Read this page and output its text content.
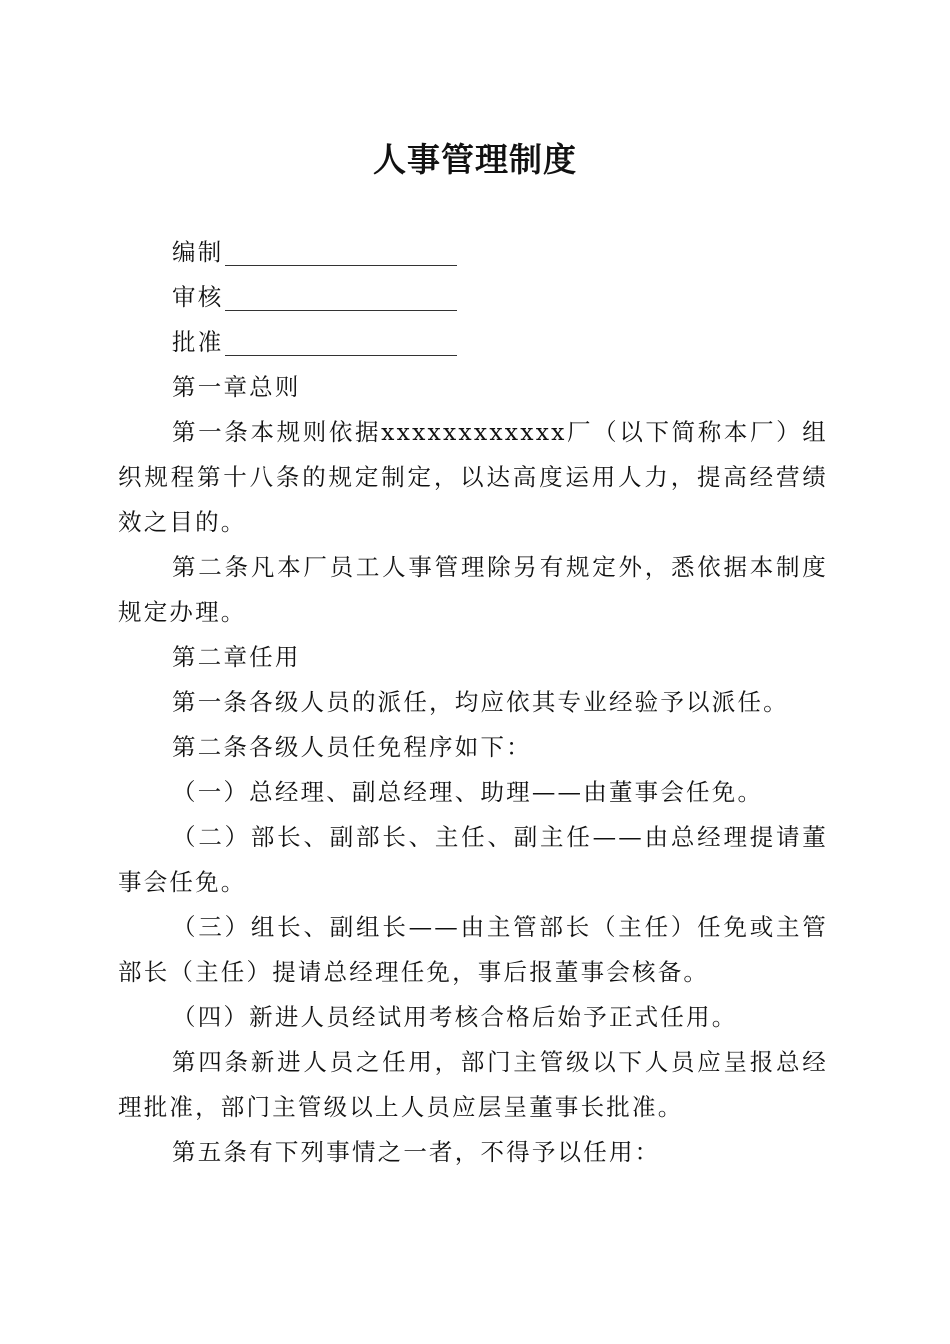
人事管理制度
编制
审核
批准

第一章总则

第一条本规则依据xxxxxxxxxxxx厂（以下简称本厂）组织规程第十八条的规定制定，以达高度运用人力，提高经营绩效之目的。

第二条凡本厂员工人事管理除另有规定外，悉依据本制度规定办理。

第二章任用

第一条各级人员的派任，均应依其专业经验予以派任。

第二条各级人员任免程序如下：

（一）总经理、副总经理、助理——由董事会任免。

（二）部长、副部长、主任、副主任——由总经理提请董事会任免。

（三）组长、副组长——由主管部长（主任）任免或主管部长（主任）提请总经理任免，事后报董事会核备。

（四）新进人员经试用考核合格后始予正式任用。

第四条新进人员之任用，部门主管级以下人员应呈报总经理批准，部门主管级以上人员应层呈董事长批准。

第五条有下列事情之一者，不得予以任用：
